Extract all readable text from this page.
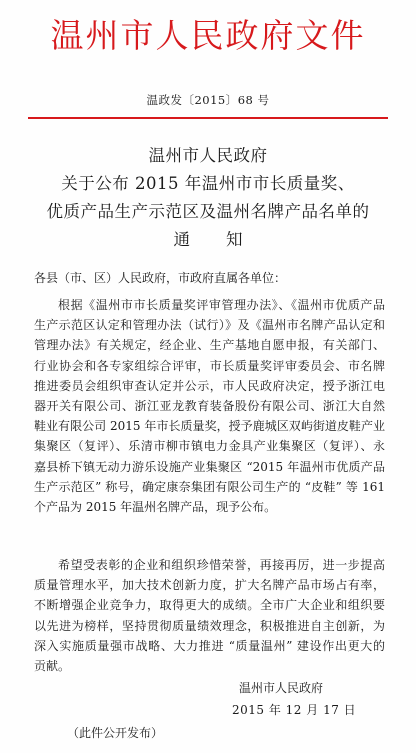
温州市人民政府文件
温政发〔2015〕68 号
温州市人民政府
关于公布 2015 年温州市市长质量奖、
优质产品生产示范区及温州名牌产品名单的
通知
各县（市、区）人民政府，市政府直属各单位：
根据《温州市市长质量奖评审管理办法》、《温州市优质产品
生产示范区认定和管理办法（试行）》及《温州市名牌产品认定和
管理办法》有关规定，经企业、生产基地自愿申报，有关部门、
行业协会和各专家组综合评审，市长质量奖评审委员会、市名牌
推进委员会组织审查认定并公示，市人民政府决定，授予浙江电
器开关有限公司、浙江亚龙教育装备股份有限公司、浙江大自然
鞋业有限公司 2015 年市长质量奖，授予鹿城区双屿街道皮鞋产业
集聚区（复评）、乐清市柳市镇电力金具产业集聚区（复评）、永
嘉县桥下镇无动力游乐设施产业集聚区 “2015 年温州市优质产品
生产示范区” 称号，确定康奈集团有限公司生产的 “皮鞋” 等 161
个产品为 2015 年温州名牌产品，现予公布。
希望受表彰的企业和组织珍惜荣誉，再接再厉，进一步提高
质量管理水平，加大技术创新力度，扩大名牌产品市场占有率，
不断增强企业竞争力，取得更大的成绩。全市广大企业和组织要
以先进为榜样，坚持贯彻质量绩效理念，积极推进自主创新，为
深入实施质量强市战略、大力推进 “质量温州” 建设作出更大的
贡献。
温州市人民政府
2015 年 12 月 17 日
（此件公开发布）
